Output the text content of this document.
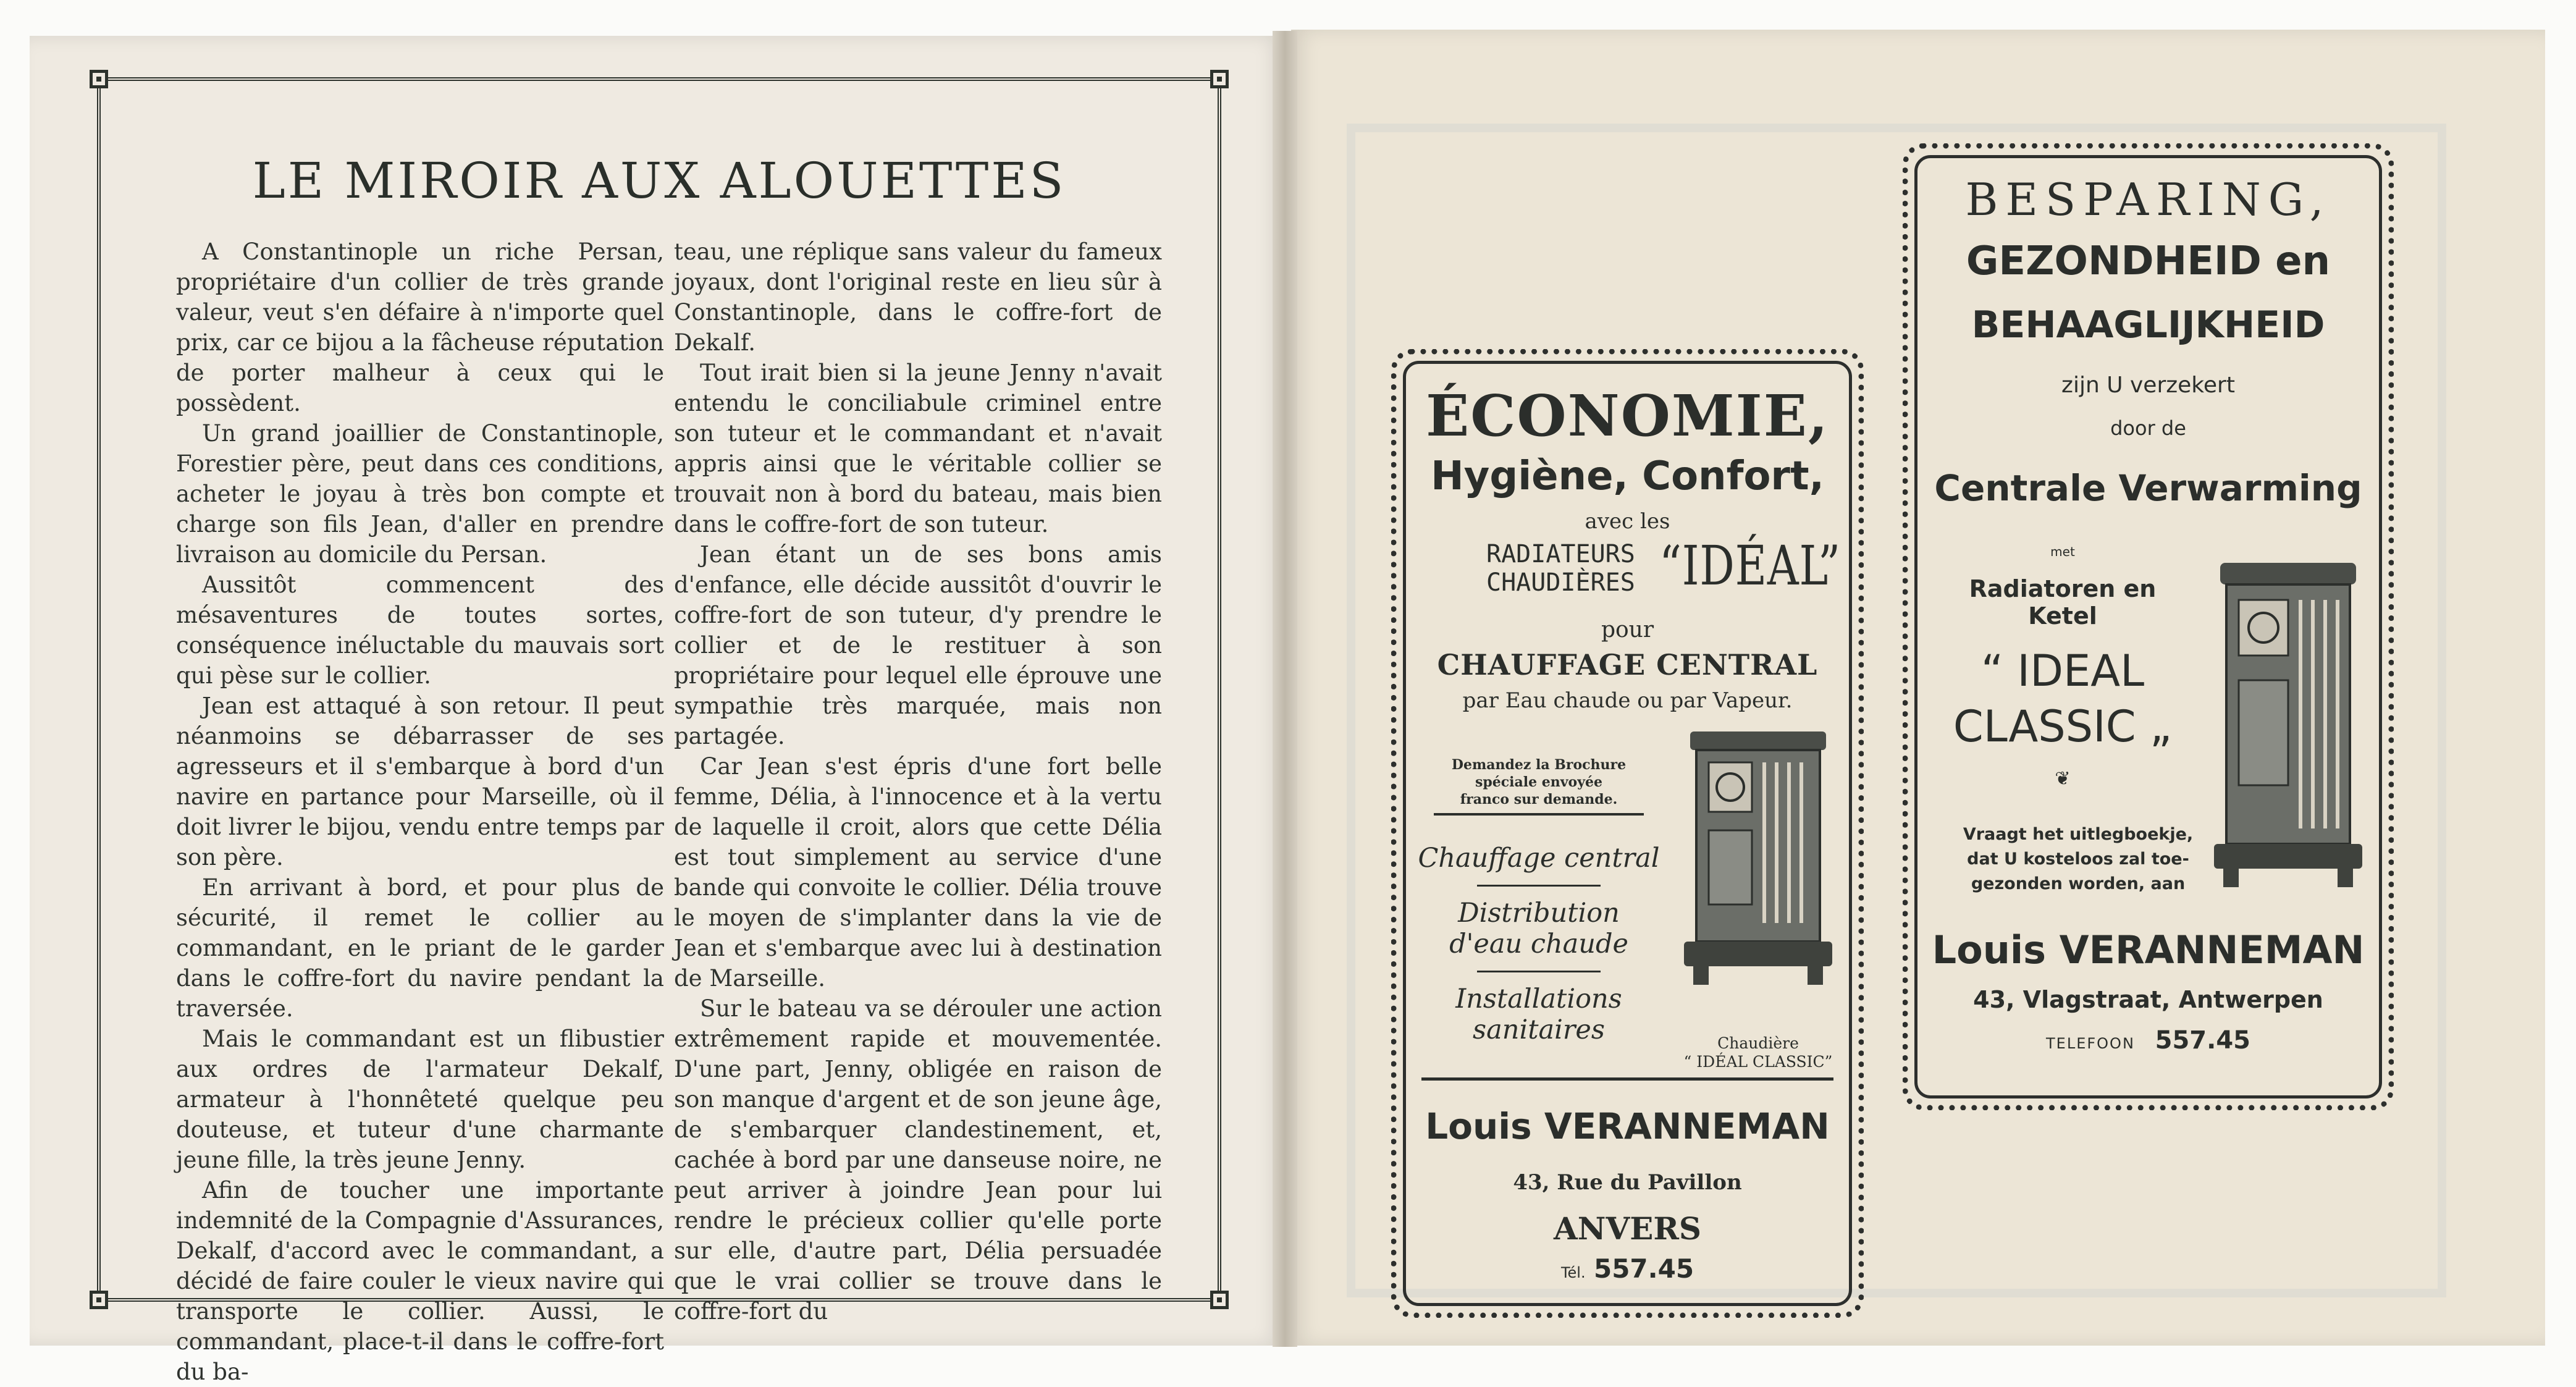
LE MIROIR AUX ALOUETTES

A Constantinople un riche Persan, propriétaire d'un collier de très grande valeur, veut s'en défaire à n'importe quel prix, car ce bijou a la fâcheuse réputation de porter malheur à ceux qui le possèdent.

Un grand joaillier de Constantinople, Forestier père, peut dans ces conditions, acheter le joyau à très bon compte et charge son fils Jean, d'aller en prendre livraison au domicile du Persan.

Aussitôt commencent des mésaventures de toutes sortes, conséquence inéluctable du mauvais sort qui pèse sur le collier.

Jean est attaqué à son retour. Il peut néanmoins se débarrasser de ses agresseurs et il s'embarque à bord d'un navire en partance pour Marseille, où il doit livrer le bijou, vendu entre temps par son père.

En arrivant à bord, et pour plus de sécurité, il remet le collier au commandant, en le priant de le garder dans le coffre-fort du navire pendant la traversée.

Mais le commandant est un flibustier aux ordres de l'armateur Dekalf, armateur à l'honnêteté quelque peu douteuse, et tuteur d'une charmante jeune fille, la très jeune Jenny.

Afin de toucher une importante indemnité de la Compagnie d'Assurances, Dekalf, d'accord avec le commandant, a décidé de faire couler le vieux navire qui transporte le collier. Aussi, le commandant, place-t-il dans le coffre-fort du ba-

teau, une réplique sans valeur du fameux joyaux, dont l'original reste en lieu sûr à Constantinople, dans le coffre-fort de Dekalf.

Tout irait bien si la jeune Jenny n'avait entendu le conciliabule criminel entre son tuteur et le commandant et n'avait appris ainsi que le véritable collier se trouvait non à bord du bateau, mais bien dans le coffre-fort de son tuteur.

Jean étant un de ses bons amis d'enfance, elle décide aussitôt d'ouvrir le coffre-fort de son tuteur, d'y prendre le collier et de le restituer à son propriétaire pour lequel elle éprouve une sympathie très marquée, mais non partagée.

Car Jean s'est épris d'une fort belle femme, Délia, à l'innocence et à la vertu de laquelle il croit, alors que cette Délia est tout simplement au service d'une bande qui convoite le collier. Délia trouve le moyen de s'implanter dans la vie de Jean et s'embarque avec lui à destination de Marseille.

Sur le bateau va se dérouler une action extrêmement rapide et mouvementée. D'une part, Jenny, obligée en raison de son manque d'argent et de son jeune âge, de s'embarquer clandestinement, et, cachée à bord par une danseuse noire, ne peut arriver à joindre Jean pour lui rendre le précieux collier qu'elle porte sur elle, d'autre part, Délia persuadée que le vrai collier se trouve dans le coffre-fort du

ÉCONOMIE,
Hygiène, Confort,
avec les
RADIATEURS
CHAUDIÈRES “IDÉAL”
pour
CHAUFFAGE CENTRAL
par Eau chaude ou par Vapeur.
Demandez la Brochure
spéciale envoyée
franco sur demande.
Chauffage central
Distribution
d'eau chaude
Installations
sanitaires	Chaudière
“ IDÉAL CLASSIC”
Louis VERANNEMAN
43, Rue du Pavillon
ANVERS
Tél. 557.45
BESPARING,
GEZONDHEID en
BEHAAGLIJKHEID
zijn U verzekert
door de
Centrale Verwarming
met
Radiatoren en Ketel
“ IDEAL
CLASSIC „
❦
Vraagt het uitlegboekje,
dat U kosteloos zal toe-
gezonden worden, aan
Louis VERANNEMAN
43, Vlagstraat, Antwerpen
TELEFOON 557.45
